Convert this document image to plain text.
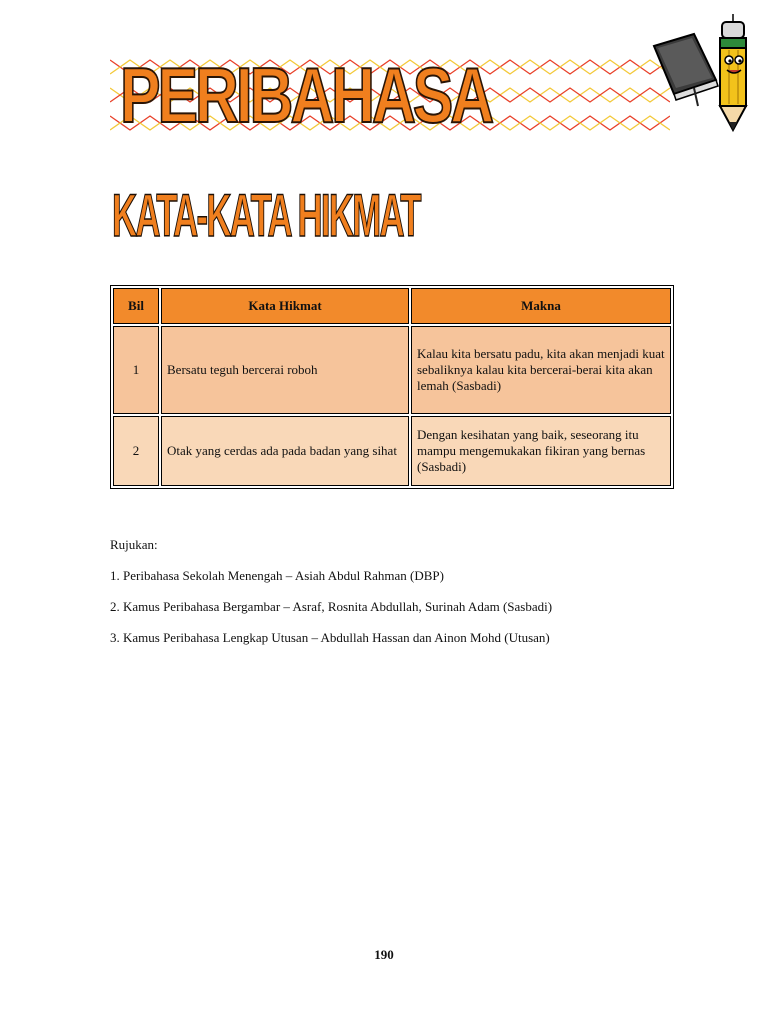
PERIBAHASA
KATA-KATA HIKMAT
Bil	Kata Hikmat	Makna
1	Bersatu teguh bercerai roboh	Kalau kita bersatu padu, kita akan menjadi kuat sebaliknya kalau kita bercerai-berai kita akan lemah (Sasbadi)
2	Otak yang cerdas ada pada badan yang sihat	Dengan kesihatan yang baik, seseorang itu mampu mengemukakan fikiran yang bernas (Sasbadi)

Rujukan:

1. Peribahasa Sekolah Menengah – Asiah Abdul Rahman (DBP)

2. Kamus Peribahasa Bergambar – Asraf, Rosnita Abdullah, Surinah Adam (Sasbadi)

3. Kamus Peribahasa Lengkap Utusan – Abdullah Hassan dan Ainon Mohd (Utusan)

190
